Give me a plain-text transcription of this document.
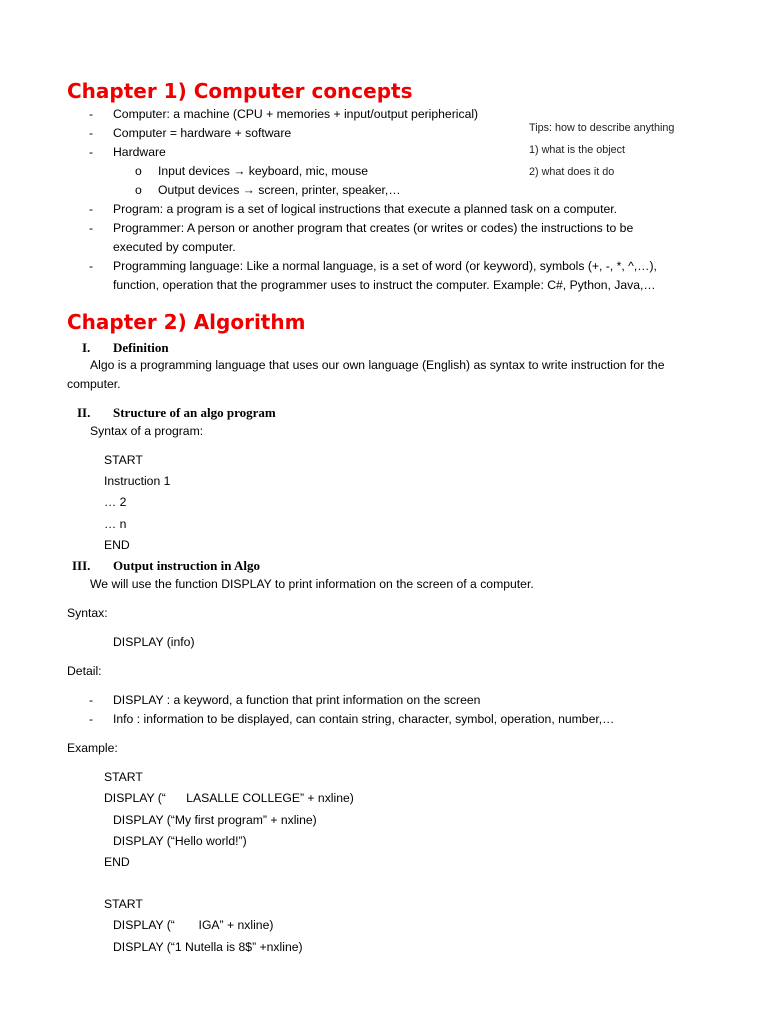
Chapter 1) Computer concepts
- Computer: a machine (CPU + memories + input/output peripherical)
- Computer = hardware + software
- Hardware
o Input devices → keyboard, mic, mouse
o Output devices → screen, printer, speaker,…
- Program: a program is a set of logical instructions that execute a planned task on a computer.
- Programmer: A person or another program that creates (or writes or codes) the instructions to be
executed by computer.
- Programming language: Like a normal language, is a set of word (or keyword), symbols (+, -, *, ^,…),
function, operation that the programmer uses to instruct the computer. Example: C#, Python, Java,…
Tips: how to describe anything
1) what is the object
2) what does it do
Chapter 2) Algorithm
I. Definition
Algo is a programming language that uses our own language (English) as syntax to write instruction for the
computer.
II. Structure of an algo program
Syntax of a program:
START
Instruction 1
… 2
… n
END
III. Output instruction in Algo
We will use the function DISPLAY to print information on the screen of a computer.
Syntax:
DISPLAY (info)
Detail:
- DISPLAY : a keyword, a function that print information on the screen
- Info : information to be displayed, can contain string, character, symbol, operation, number,…
Example:
START
DISPLAY (“      LASALLE COLLEGE” + nxline)
DISPLAY (“My first program” + nxline)
DISPLAY (“Hello world!”)
END
START
DISPLAY (“       IGA” + nxline)
DISPLAY (“1 Nutella is 8$” +nxline)
